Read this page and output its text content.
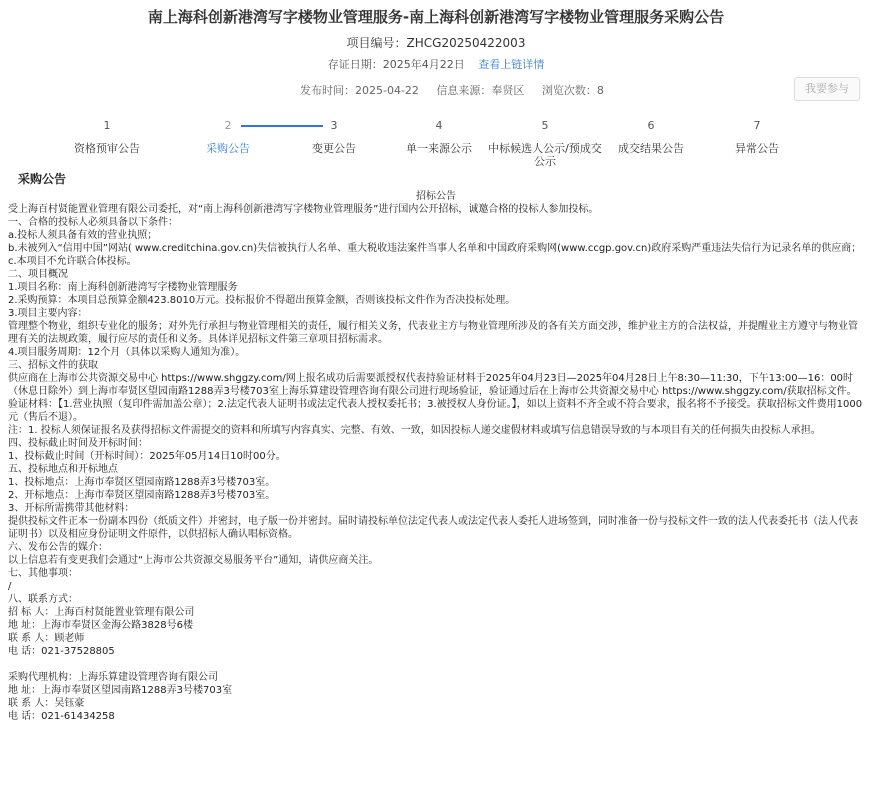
南上海科创新港湾写字楼物业管理服务-南上海科创新港湾写字楼物业管理服务采购公告
项目编号：ZHCG20250422003
存证日期：2025年4月22日 查看上链详情
发布时间：2025-04-22 信息来源：奉贤区 浏览次数：8	我要参与
1
资格预审公告
2
采购公告
3
变更公告
4
单一来源公示
5
中标候选人公示/预成交公示
6
成交结果公告
7
异常公告
采购公告

招标公告

受上海百村贤能置业管理有限公司委托，对“南上海科创新港湾写字楼物业管理服务”进行国内公开招标，诚邀合格的投标人参加投标。

一、合格的投标人必须具备以下条件：

a.投标人须具备有效的营业执照；

b.未被列入“信用中国”网站( www.creditchina.gov.cn)失信被执行人名单、重大税收违法案件当事人名单和中国政府采购网(www.ccgp.gov.cn)政府采购严重违法失信行为记录名单的供应商；

c.本项目不允许联合体投标。

二、项目概况

1.项目名称：南上海科创新港湾写字楼物业管理服务

2.采购预算：本项目总预算金额423.8010万元。投标报价不得超出预算金额，否则该投标文件作为否决投标处理。

3.项目主要内容：

管理整个物业，组织专业化的服务；对外先行承担与物业管理相关的责任，履行相关义务，代表业主方与物业管理所涉及的各有关方面交涉，维护业主方的合法权益，并提醒业主方遵守与物业管理有关的法规政策，履行应尽的责任和义务。具体详见招标文件第三章项目招标需求。

4.项目服务周期：12个月（具体以采购人通知为准）。

三、招标文件的获取

供应商在上海市公共资源交易中心 https://www.shggzy.com/网上报名成功后需要派授权代表持验证材料于2025年04月23日—2025年04月28日上午8:30—11:30，下午13:00—16：00时（休息日除外）到上海市奉贤区望园南路1288弄3号楼703室上海乐算建设管理咨询有限公司进行现场验证，验证通过后在上海市公共资源交易中心 https://www.shggzy.com/获取招标文件。

验证材料：【1.营业执照（复印件需加盖公章）；2.法定代表人证明书或法定代表人授权委托书；3.被授权人身份证。】，如以上资料不齐全或不符合要求，报名将不予接受。获取招标文件费用1000元（售后不退）。

注：1. 投标人须保证报名及获得招标文件需提交的资料和所填写内容真实、完整、有效、一致，如因投标人递交虚假材料或填写信息错误导致的与本项目有关的任何损失由投标人承担。

四、投标截止时间及开标时间：

1、投标截止时间（开标时间）：2025年05月14日10时00分。

五、投标地点和开标地点

1、投标地点：上海市奉贤区望园南路1288弄3号楼703室。

2、开标地点：上海市奉贤区望园南路1288弄3号楼703室。

3、开标所需携带其他材料：

提供投标文件正本一份副本四份（纸质文件）并密封，电子版一份并密封。届时请投标单位法定代表人或法定代表人委托人进场签到，同时准备一份与投标文件一致的法人代表委托书（法人代表证明书）以及相应身份证明文件原件，以供招标人确认唱标资格。

六、发布公告的媒介：

以上信息若有变更我们会通过“上海市公共资源交易服务平台”通知，请供应商关注。

七、其他事项：

/

八、联系方式：

招 标 人：上海百村贤能置业管理有限公司

地 址：上海市奉贤区金海公路3828号6楼

联 系 人：顾老师

电 话：021-37528805

采购代理机构：上海乐算建设管理咨询有限公司

地 址：上海市奉贤区望园南路1288弄3号楼703室

联 系 人：吴钰豪

电 话：021-61434258
